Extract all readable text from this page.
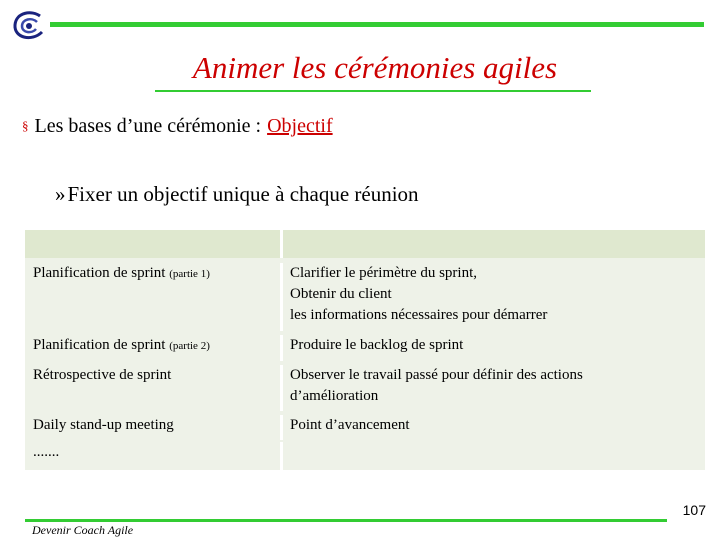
Animer les cérémonies agiles
§ Les bases d’une cérémonie : Objectif
»Fixer un objectif unique à chaque réunion
Planification de sprint (partie 1)	Clarifier le périmètre du sprint,
Obtenir du client
les informations nécessaires pour démarrer
Planification de sprint (partie 2)	Produire le backlog de sprint
Rétrospective de sprint	Observer le travail passé pour définir des actions
d’amélioration
Daily stand-up meeting	Point d’avancement
.......
107
Devenir Coach Agile
